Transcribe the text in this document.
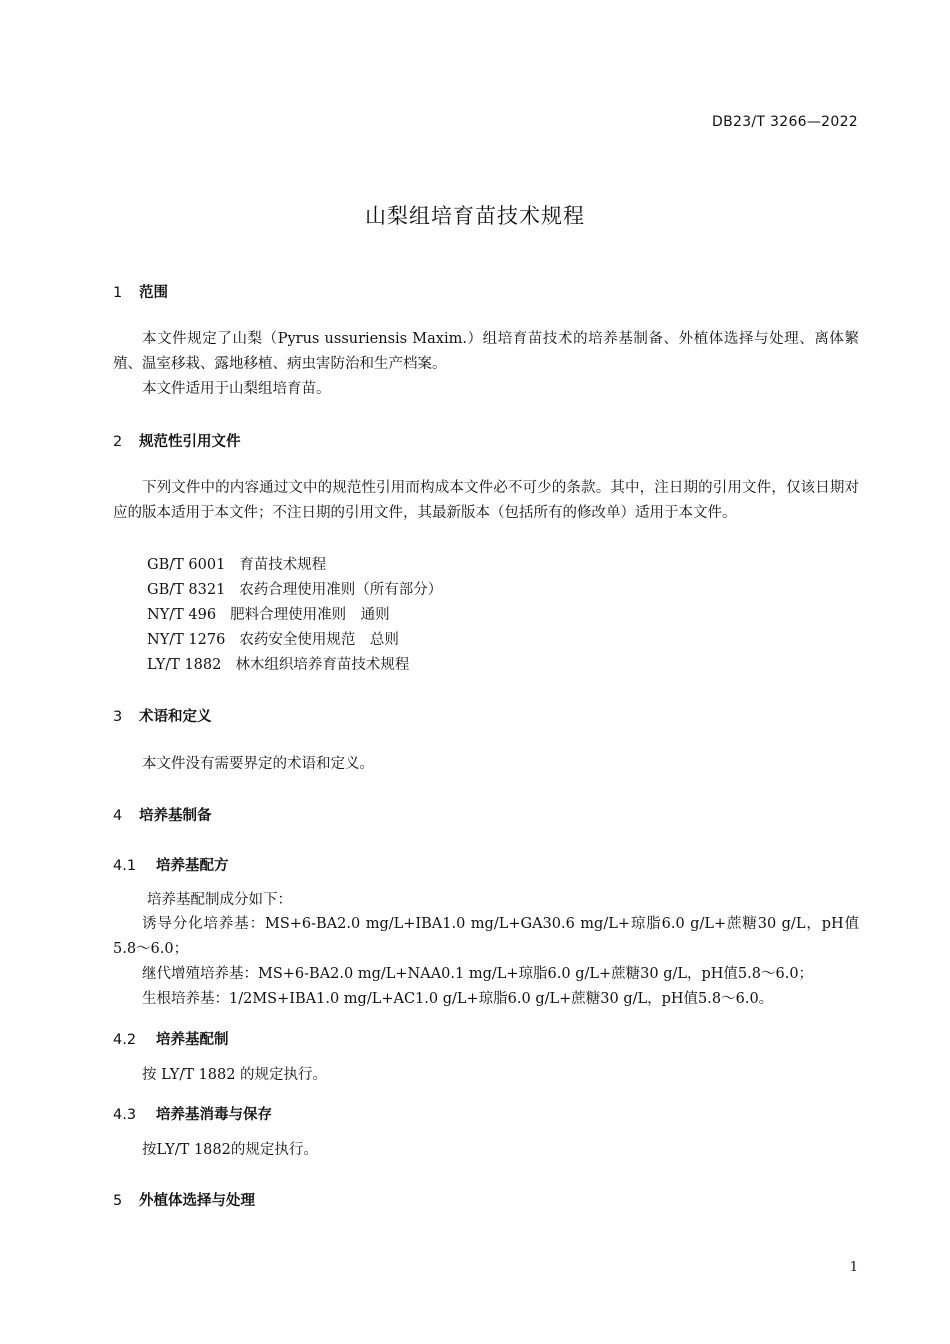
DB23/T 3266—2022
山梨组培育苗技术规程
1 范围
本文件规定了山梨（Pyrus ussuriensis Maxim.）组培育苗技术的培养基制备、外植体选择与处理、离体繁殖、温室移栽、露地移植、病虫害防治和生产档案。
本文件适用于山梨组培育苗。
2 规范性引用文件
下列文件中的内容通过文中的规范性引用而构成本文件必不可少的条款。其中，注日期的引用文件，仅该日期对应的版本适用于本文件；不注日期的引用文件，其最新版本（包括所有的修改单）适用于本文件。
GB/T 6001 育苗技术规程
GB/T 8321 农药合理使用准则（所有部分）
NY/T 496 肥料合理使用准则　通则
NY/T 1276 农药安全使用规范　总则
LY/T 1882 林木组织培养育苗技术规程
3 术语和定义
本文件没有需要界定的术语和定义。
4 培养基制备
4.1 培养基配方
培养基配制成分如下：
诱导分化培养基：MS+6-BA2.0 mg/L+IBA1.0 mg/L+GA30.6 mg/L+琼脂6.0 g/L+蔗糖30 g/L，pH值5.8～6.0；
继代增殖培养基：MS+6-BA2.0 mg/L+NAA0.1 mg/L+琼脂6.0 g/L+蔗糖30 g/L，pH值5.8～6.0；
生根培养基：1/2MS+IBA1.0 mg/L+AC1.0 g/L+琼脂6.0 g/L+蔗糖30 g/L，pH值5.8～6.0。
4.2 培养基配制
按 LY/T 1882 的规定执行。
4.3 培养基消毒与保存
按LY/T 1882的规定执行。
5 外植体选择与处理
1
